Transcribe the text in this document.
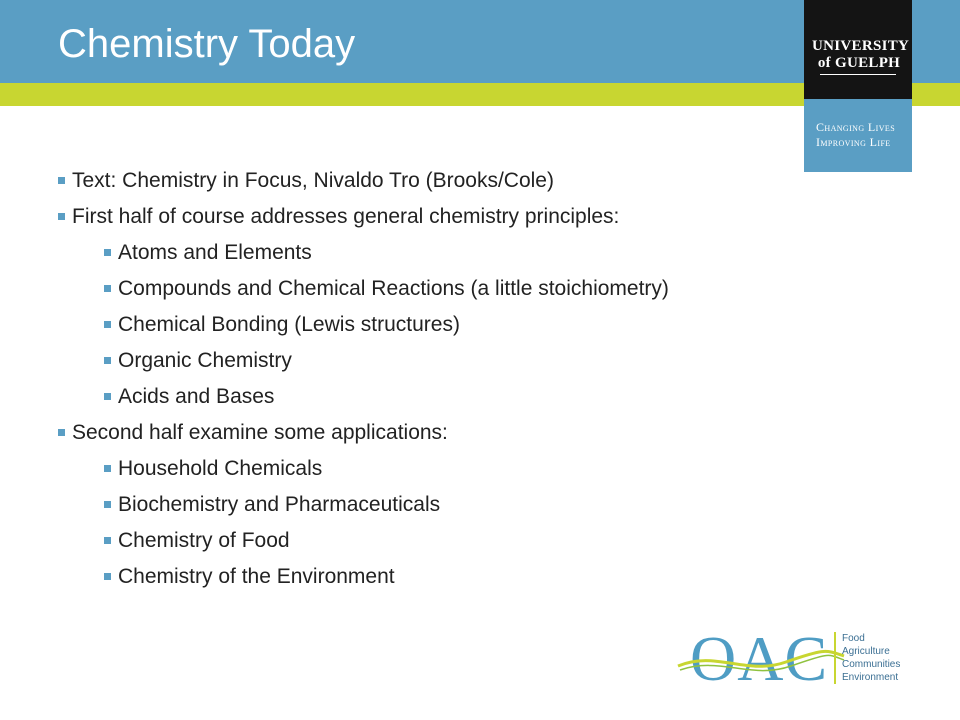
Chemistry Today	UNIVERSITY
of GUELPH
Changing Lives
Improving Life
Text: Chemistry in Focus, Nivaldo Tro (Brooks/Cole)
First half of course addresses general chemistry principles:
Atoms and Elements
Compounds and Chemical Reactions (a little stoichiometry)
Chemical Bonding (Lewis structures)
Organic Chemistry
Acids and Bases
Second half examine some applications:
Household Chemicals
Biochemistry and Pharmaceuticals
Chemistry of Food
Chemistry of the Environment
OAC Food
Agriculture
Communities
Environment
